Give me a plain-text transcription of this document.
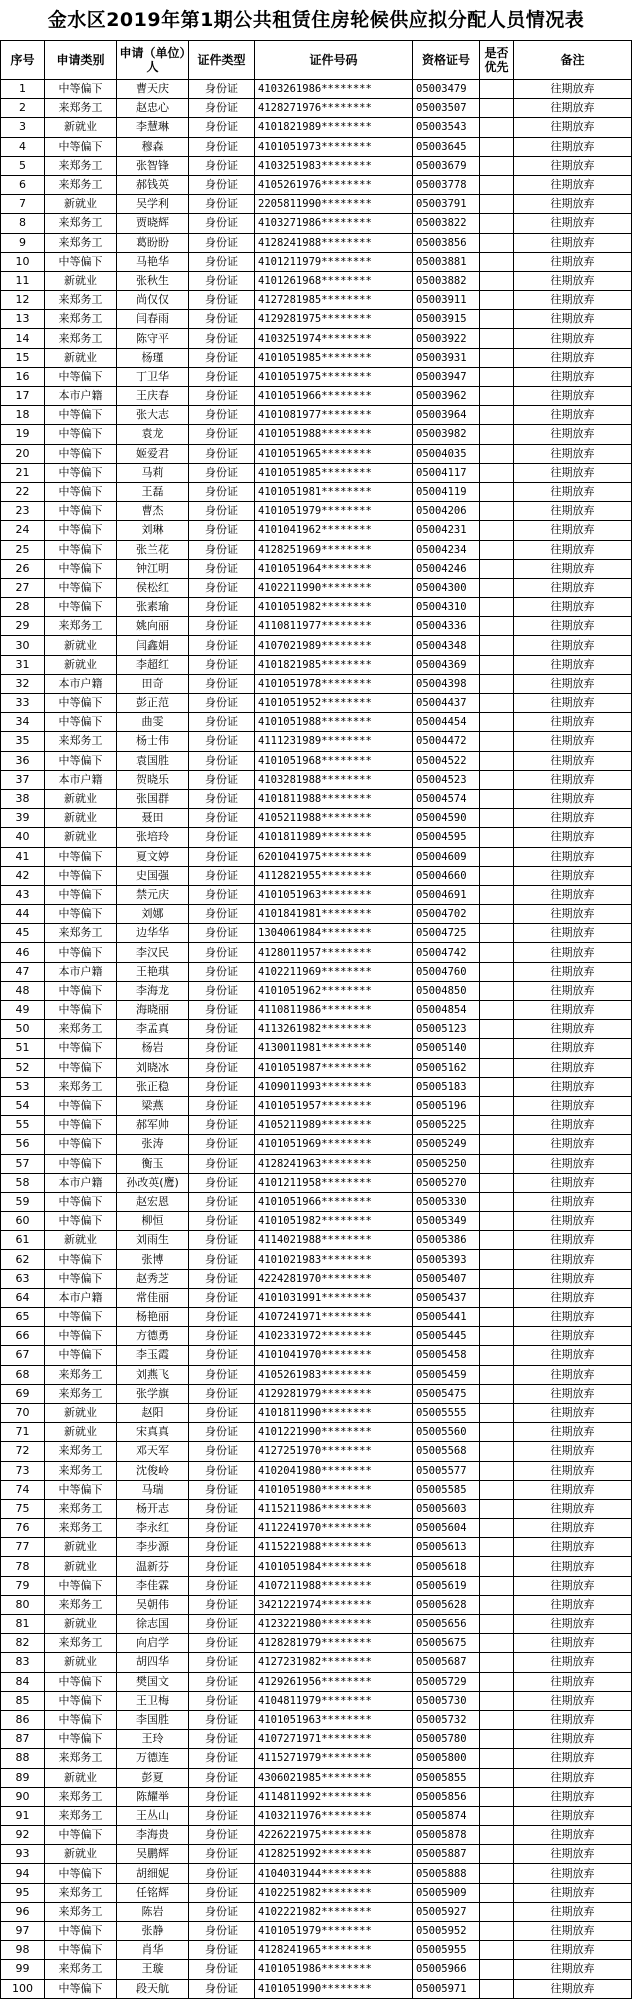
金水区2019年第1期公共租赁住房轮候供应拟分配人员情况表
序号	申请类别	申请（单位）人	证件类型	证件号码	资格证号	是否优先	备注
1	中等偏下	曹天庆	身份证	4103261986********	05003479		往期放弃
2	来郑务工	赵忠心	身份证	4128271976********	05003507		往期放弃
3	新就业	李慧琳	身份证	4101821989********	05003543		往期放弃
4	中等偏下	穆森	身份证	4101051973********	05003645		往期放弃
5	来郑务工	张智锋	身份证	4103251983********	05003679		往期放弃
6	来郑务工	郝钱英	身份证	4105261976********	05003778		往期放弃
7	新就业	吴学利	身份证	2205811990********	05003791		往期放弃
8	来郑务工	贾晓辉	身份证	4103271986********	05003822		往期放弃
9	来郑务工	葛盼盼	身份证	4128241988********	05003856		往期放弃
10	中等偏下	马艳华	身份证	4101211979********	05003881		往期放弃
11	新就业	张秋生	身份证	4101261968********	05003882		往期放弃
12	来郑务工	尚仅仅	身份证	4127281985********	05003911		往期放弃
13	来郑务工	闫春雨	身份证	4129281975********	05003915		往期放弃
14	来郑务工	陈守平	身份证	4103251974********	05003922		往期放弃
15	新就业	杨瑾	身份证	4101051985********	05003931		往期放弃
16	中等偏下	丁卫华	身份证	4101051975********	05003947		往期放弃
17	本市户籍	王庆春	身份证	4101051966********	05003962		往期放弃
18	中等偏下	张大志	身份证	4101081977********	05003964		往期放弃
19	中等偏下	袁龙	身份证	4101051988********	05003982		往期放弃
20	中等偏下	姬爱君	身份证	4101051965********	05004035		往期放弃
21	中等偏下	马莉	身份证	4101051985********	05004117		往期放弃
22	中等偏下	王磊	身份证	4101051981********	05004119		往期放弃
23	中等偏下	曹杰	身份证	4101051979********	05004206		往期放弃
24	中等偏下	刘琳	身份证	4101041962********	05004231		往期放弃
25	中等偏下	张兰花	身份证	4128251969********	05004234		往期放弃
26	中等偏下	钟江明	身份证	4101051964********	05004246		往期放弃
27	中等偏下	侯松红	身份证	4102211990********	05004300		往期放弃
28	中等偏下	张素瑜	身份证	4101051982********	05004310		往期放弃
29	来郑务工	姚向丽	身份证	4110811977********	05004336		往期放弃
30	新就业	闫鑫娟	身份证	4107021989********	05004348		往期放弃
31	新就业	李超红	身份证	4101821985********	05004369		往期放弃
32	本市户籍	田奇	身份证	4101051978********	05004398		往期放弃
33	中等偏下	彭正范	身份证	4101051952********	05004437		往期放弃
34	中等偏下	曲雯	身份证	4101051988********	05004454		往期放弃
35	来郑务工	杨士伟	身份证	4111231989********	05004472		往期放弃
36	中等偏下	袁国胜	身份证	4101051968********	05004522		往期放弃
37	本市户籍	贺晓乐	身份证	4103281988********	05004523		往期放弃
38	新就业	张国群	身份证	4101811988********	05004574		往期放弃
39	新就业	聂田	身份证	4105211988********	05004590		往期放弃
40	新就业	张培玲	身份证	4101811989********	05004595		往期放弃
41	中等偏下	夏文婷	身份证	6201041975********	05004609		往期放弃
42	中等偏下	史国强	身份证	4112821955********	05004660		往期放弃
43	中等偏下	禁元庆	身份证	4101051963********	05004691		往期放弃
44	中等偏下	刘娜	身份证	4101841981********	05004702		往期放弃
45	来郑务工	边华华	身份证	1304061984********	05004725		往期放弃
46	中等偏下	李汉民	身份证	4128011957********	05004742		往期放弃
47	本市户籍	王艳琪	身份证	4102211969********	05004760		往期放弃
48	中等偏下	李海龙	身份证	4101051962********	05004850		往期放弃
49	中等偏下	海晓丽	身份证	4110811986********	05004854		往期放弃
50	来郑务工	李孟真	身份证	4113261982********	05005123		往期放弃
51	中等偏下	杨岩	身份证	4130011981********	05005140		往期放弃
52	中等偏下	刘晓冰	身份证	4101051987********	05005162		往期放弃
53	来郑务工	张正稳	身份证	4109011993********	05005183		往期放弃
54	中等偏下	梁燕	身份证	4101051957********	05005196		往期放弃
55	中等偏下	郝军帅	身份证	4105211989********	05005225		往期放弃
56	中等偏下	张涛	身份证	4101051969********	05005249		往期放弃
57	中等偏下	衡玉	身份证	4128241963********	05005250		往期放弃
58	本市户籍	孙改英(鹰)	身份证	4101211958********	05005270		往期放弃
59	中等偏下	赵宏恩	身份证	4101051966********	05005330		往期放弃
60	中等偏下	柳恒	身份证	4101051982********	05005349		往期放弃
61	新就业	刘雨生	身份证	4114021988********	05005386		往期放弃
62	中等偏下	张博	身份证	4101021983********	05005393		往期放弃
63	中等偏下	赵秀芝	身份证	4224281970********	05005407		往期放弃
64	本市户籍	常佳丽	身份证	4101031991********	05005437		往期放弃
65	中等偏下	杨艳丽	身份证	4107241971********	05005441		往期放弃
66	中等偏下	方德勇	身份证	4102331972********	05005445		往期放弃
67	中等偏下	李玉霞	身份证	4101041970********	05005458		往期放弃
68	来郑务工	刘燕飞	身份证	4105261983********	05005459		往期放弃
69	来郑务工	张学旗	身份证	4129281979********	05005475		往期放弃
70	新就业	赵阳	身份证	4101811990********	05005555		往期放弃
71	新就业	宋真真	身份证	4101221990********	05005560		往期放弃
72	来郑务工	邓天军	身份证	4127251970********	05005568		往期放弃
73	来郑务工	沈俊岭	身份证	4102041980********	05005577		往期放弃
74	中等偏下	马瑞	身份证	4101051980********	05005585		往期放弃
75	来郑务工	杨开志	身份证	4115211986********	05005603		往期放弃
76	来郑务工	李永红	身份证	4112241970********	05005604		往期放弃
77	新就业	李步源	身份证	4115221988********	05005613		往期放弃
78	新就业	温新芬	身份证	4101051984********	05005618		往期放弃
79	中等偏下	李佳霖	身份证	4107211988********	05005619		往期放弃
80	来郑务工	吴朝伟	身份证	3421221974********	05005628		往期放弃
81	新就业	徐志国	身份证	4123221980********	05005656		往期放弃
82	来郑务工	向启学	身份证	4128281979********	05005675		往期放弃
83	新就业	胡四华	身份证	4127231982********	05005687		往期放弃
84	中等偏下	樊国文	身份证	4129261956********	05005729		往期放弃
85	中等偏下	王卫梅	身份证	4104811979********	05005730		往期放弃
86	中等偏下	李国胜	身份证	4101051963********	05005732		往期放弃
87	中等偏下	王玲	身份证	4107271971********	05005780		往期放弃
88	来郑务工	万德连	身份证	4115271979********	05005800		往期放弃
89	新就业	彭夏	身份证	4306021985********	05005855		往期放弃
90	来郑务工	陈耀举	身份证	4114811992********	05005856		往期放弃
91	来郑务工	王丛山	身份证	4103211976********	05005874		往期放弃
92	中等偏下	李海贵	身份证	4226221975********	05005878		往期放弃
93	新就业	吴鹏辉	身份证	4128251992********	05005887		往期放弃
94	中等偏下	胡细妮	身份证	4104031944********	05005888		往期放弃
95	来郑务工	任铭辉	身份证	4102251982********	05005909		往期放弃
96	来郑务工	陈岩	身份证	4102221982********	05005927		往期放弃
97	中等偏下	张静	身份证	4101051979********	05005952		往期放弃
98	中等偏下	肖华	身份证	4128241965********	05005955		往期放弃
99	来郑务工	王璇	身份证	4101051986********	05005966		往期放弃
100	中等偏下	段天航	身份证	4101051990********	05005971		往期放弃
